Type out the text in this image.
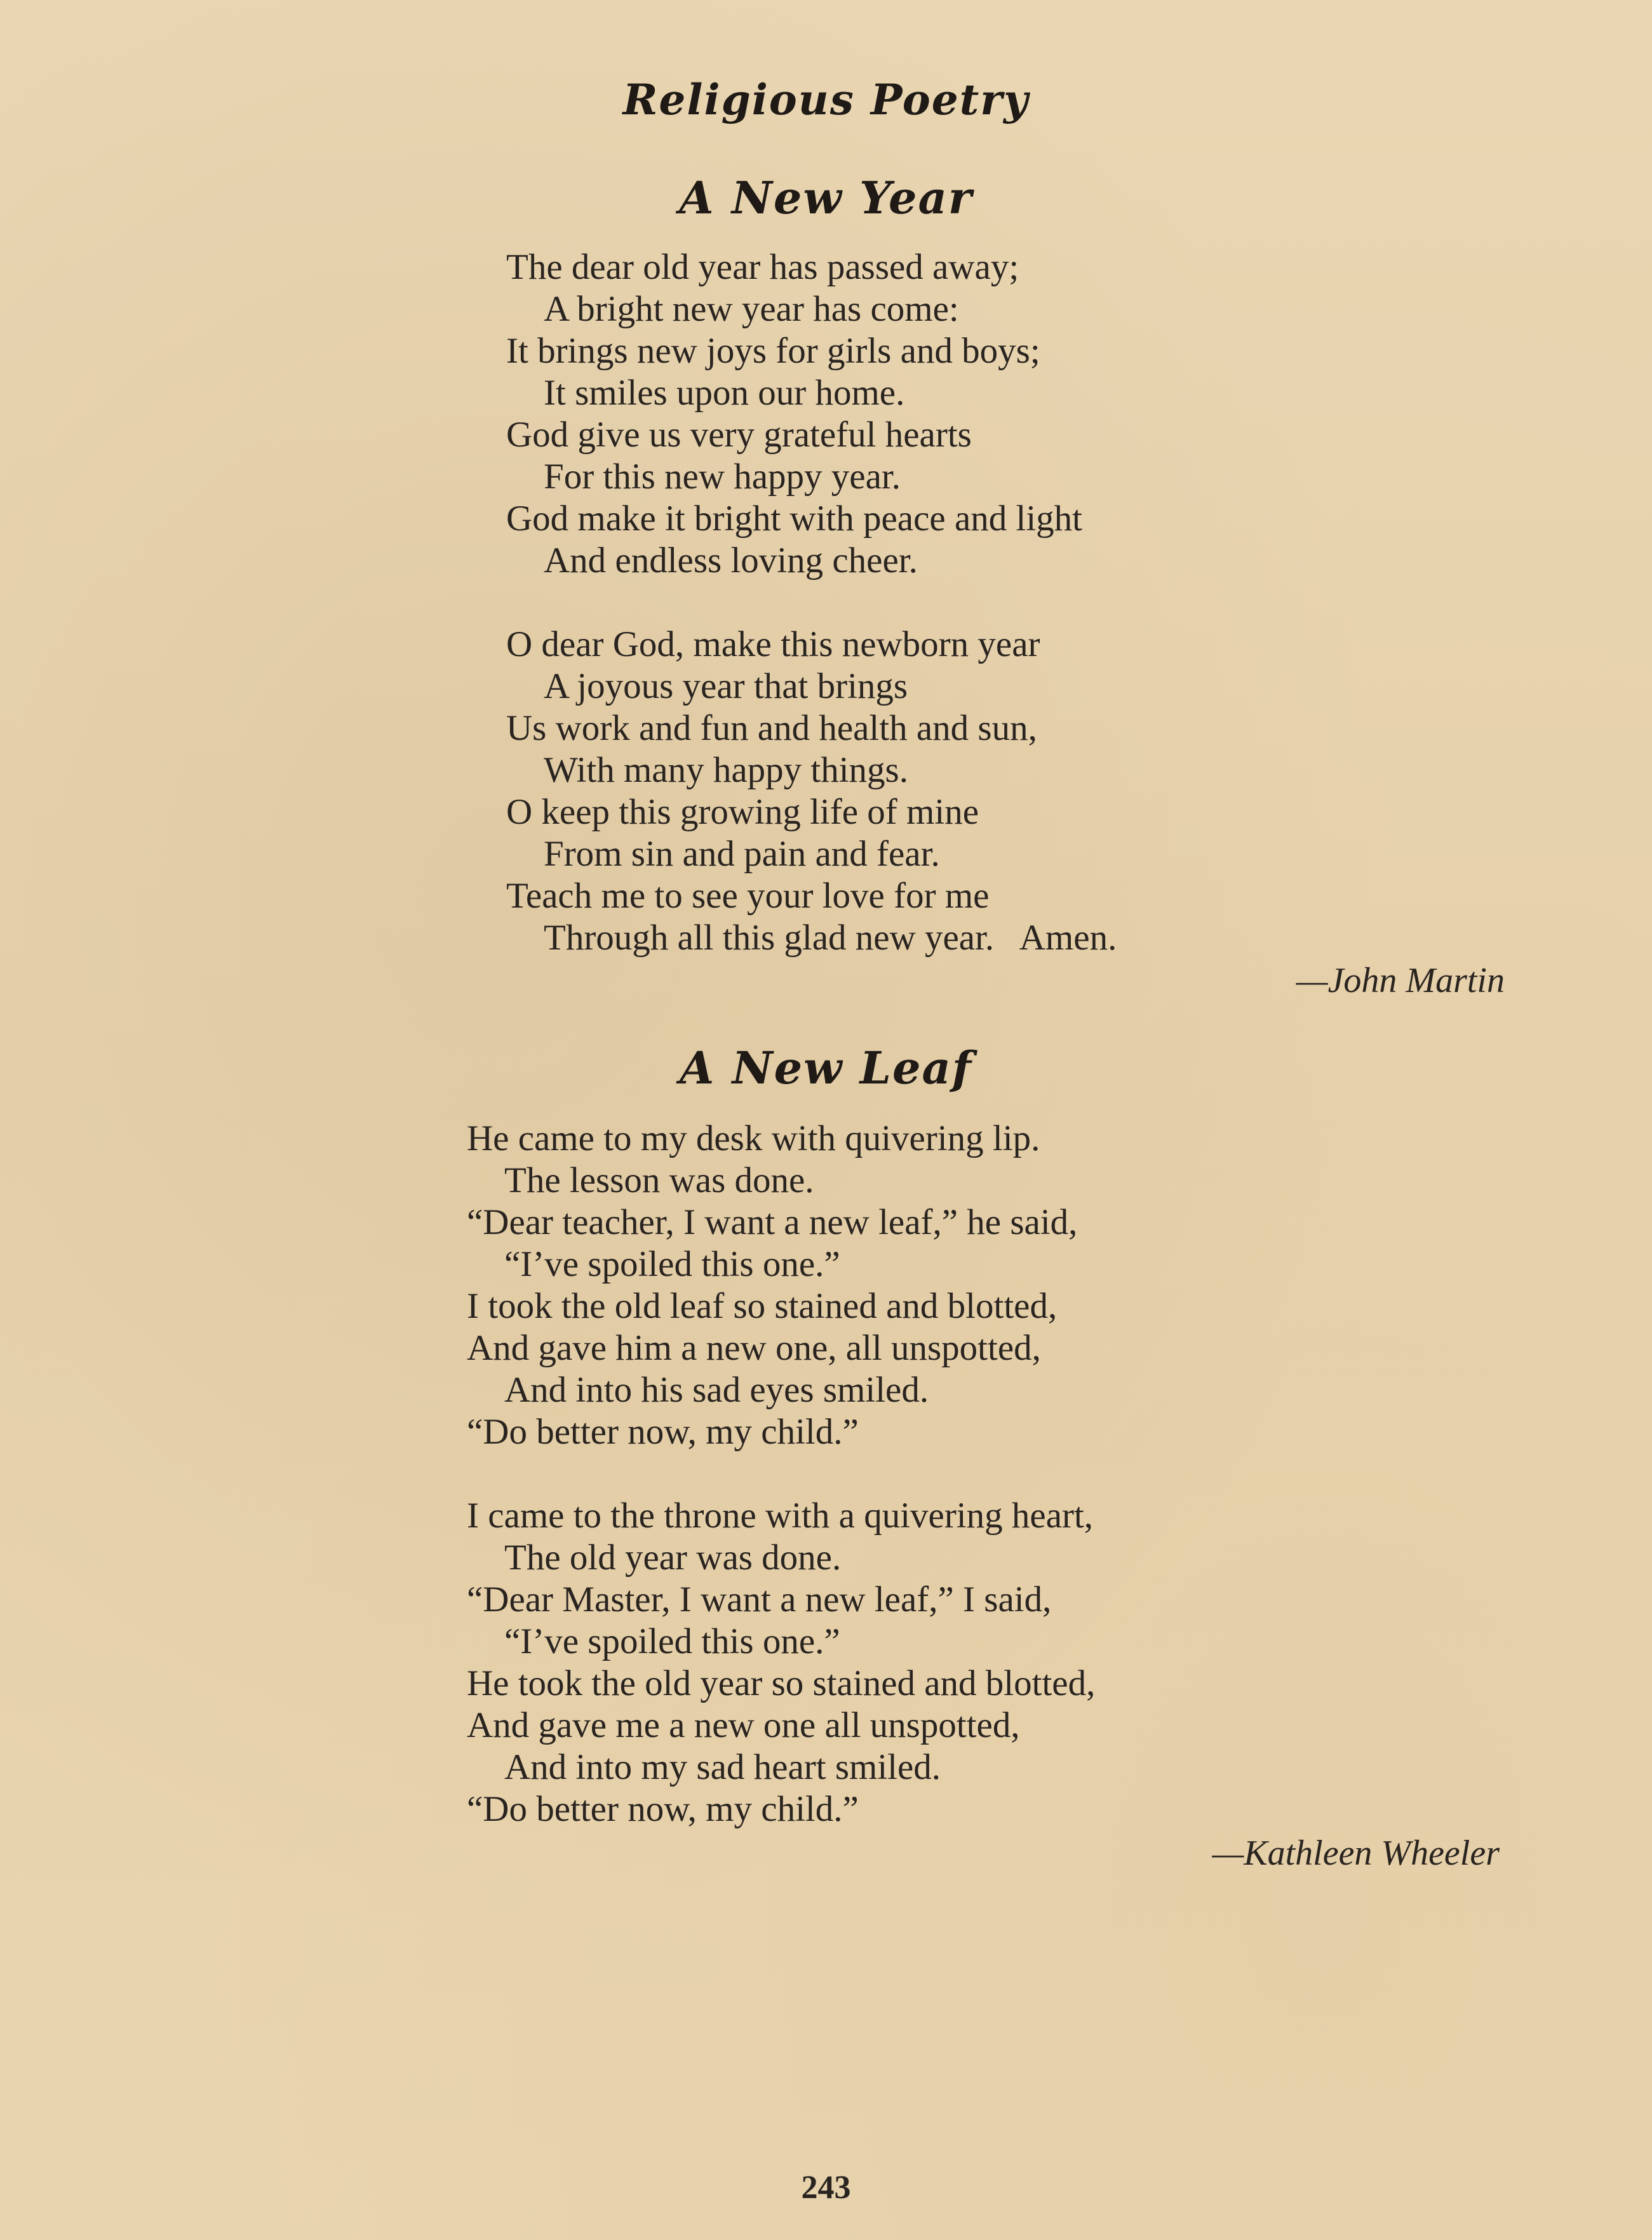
Religious Poetry
A New Year
The dear old year has passed away;
A bright new year has come:
It brings new joys for girls and boys;
It smiles upon our home.
God give us very grateful hearts
For this new happy year.
God make it bright with peace and light
And endless loving cheer.
O dear God, make this newborn year
A joyous year that brings
Us work and fun and health and sun,
With many happy things.
O keep this growing life of mine
From sin and pain and fear.
Teach me to see your love for me
Through all this glad new year.   Amen.
—John Martin
A New Leaf
He came to my desk with quivering lip.
The lesson was done.
“Dear teacher, I want a new leaf,” he said,
“I’ve spoiled this one.”
I took the old leaf so stained and blotted,
And gave him a new one, all unspotted,
And into his sad eyes smiled.
“Do better now, my child.”
I came to the throne with a quivering heart,
The old year was done.
“Dear Master, I want a new leaf,” I said,
“I’ve spoiled this one.”
He took the old year so stained and blotted,
And gave me a new one all unspotted,
And into my sad heart smiled.
“Do better now, my child.”
—Kathleen Wheeler
243
